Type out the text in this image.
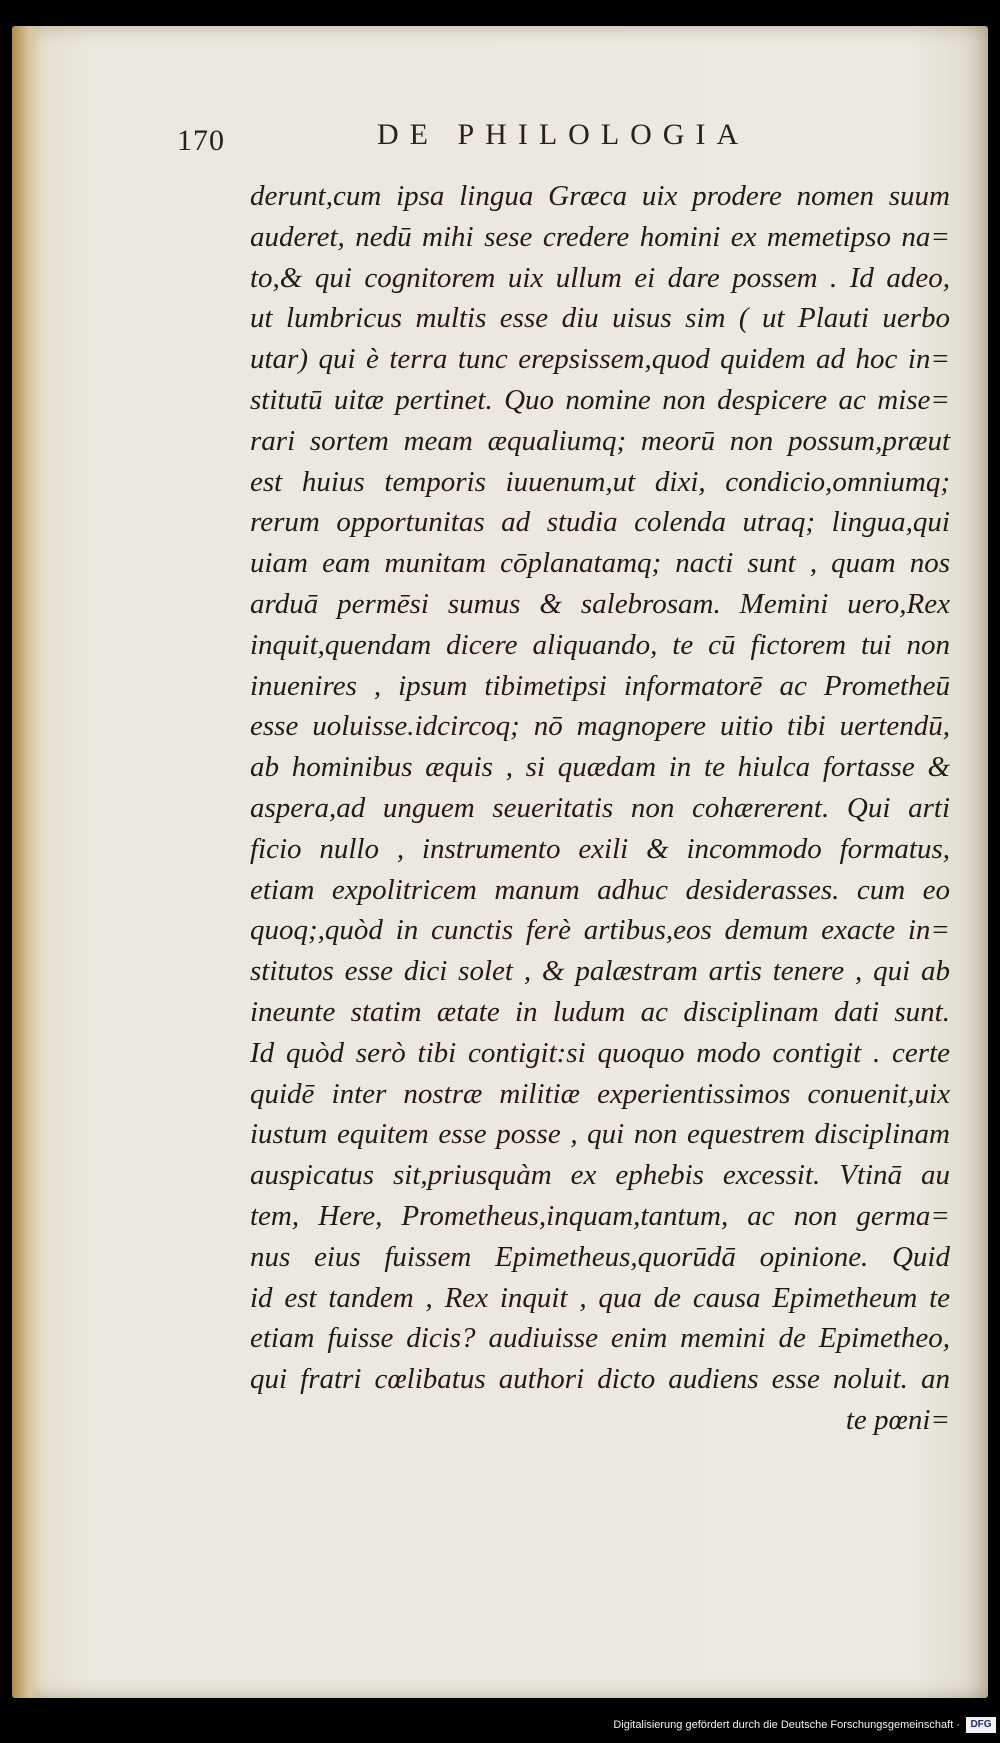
170	DE PHILOLOGIA
derunt,cum ipsa lingua Græca uix prodere nomen suum
auderet, nedū mihi sese credere homini ex memetipso na=
to,& qui cognitorem uix ullum ei dare possem . Id adeo,
ut lumbricus multis esse diu uisus sim ( ut Plauti uerbo
utar) qui è terra tunc erepsissem,quod quidem ad hoc in=
stitutū uitæ pertinet. Quo nomine non despicere ac mise=
rari sortem meam æqualiumq; meorū non possum,præut
est huius temporis iuuenum,ut dixi, condicio,omniumq;
rerum opportunitas ad studia colenda utraq; lingua,qui
uiam eam munitam cōplanatamq; nacti sunt , quam nos
arduā permēsi sumus & salebrosam. Memini uero,Rex
inquit,quendam dicere aliquando, te cū fictorem tui non
inuenires , ipsum tibimetipsi informatorē ac Prometheū
esse uoluisse.idcircoq; nō magnopere uitio tibi uertendū,
ab hominibus æquis , si quædam in te hiulca fortasse &
aspera,ad unguem seueritatis non cohærerent. Qui arti
ficio nullo , instrumento exili & incommodo formatus,
etiam expolitricem manum adhuc desiderasses. cum eo
quoq;,quòd in cunctis ferè artibus,eos demum exacte in=
stitutos esse dici solet , & palæstram artis tenere , qui ab
ineunte statim ætate in ludum ac disciplinam dati sunt.
Id quòd serò tibi contigit:si quoquo modo contigit . certe
quidē inter nostræ militiæ experientissimos conuenit,uix
iustum equitem esse posse , qui non equestrem disciplinam
auspicatus sit,priusquàm ex ephebis excessit. Vtinā au
tem, Here, Prometheus,inquam,tantum, ac non germa=
nus eius fuissem Epimetheus,quorūdā opinione. Quid
id est tandem , Rex inquit , qua de causa Epimetheum te
etiam fuisse dicis? audiuisse enim memini de Epimetheo,
qui fratri cœlibatus authori dicto audiens esse noluit. an
te pœni=
Digitalisierung gefördert durch die Deutsche Forschungsgemeinschaft ·	DFG
